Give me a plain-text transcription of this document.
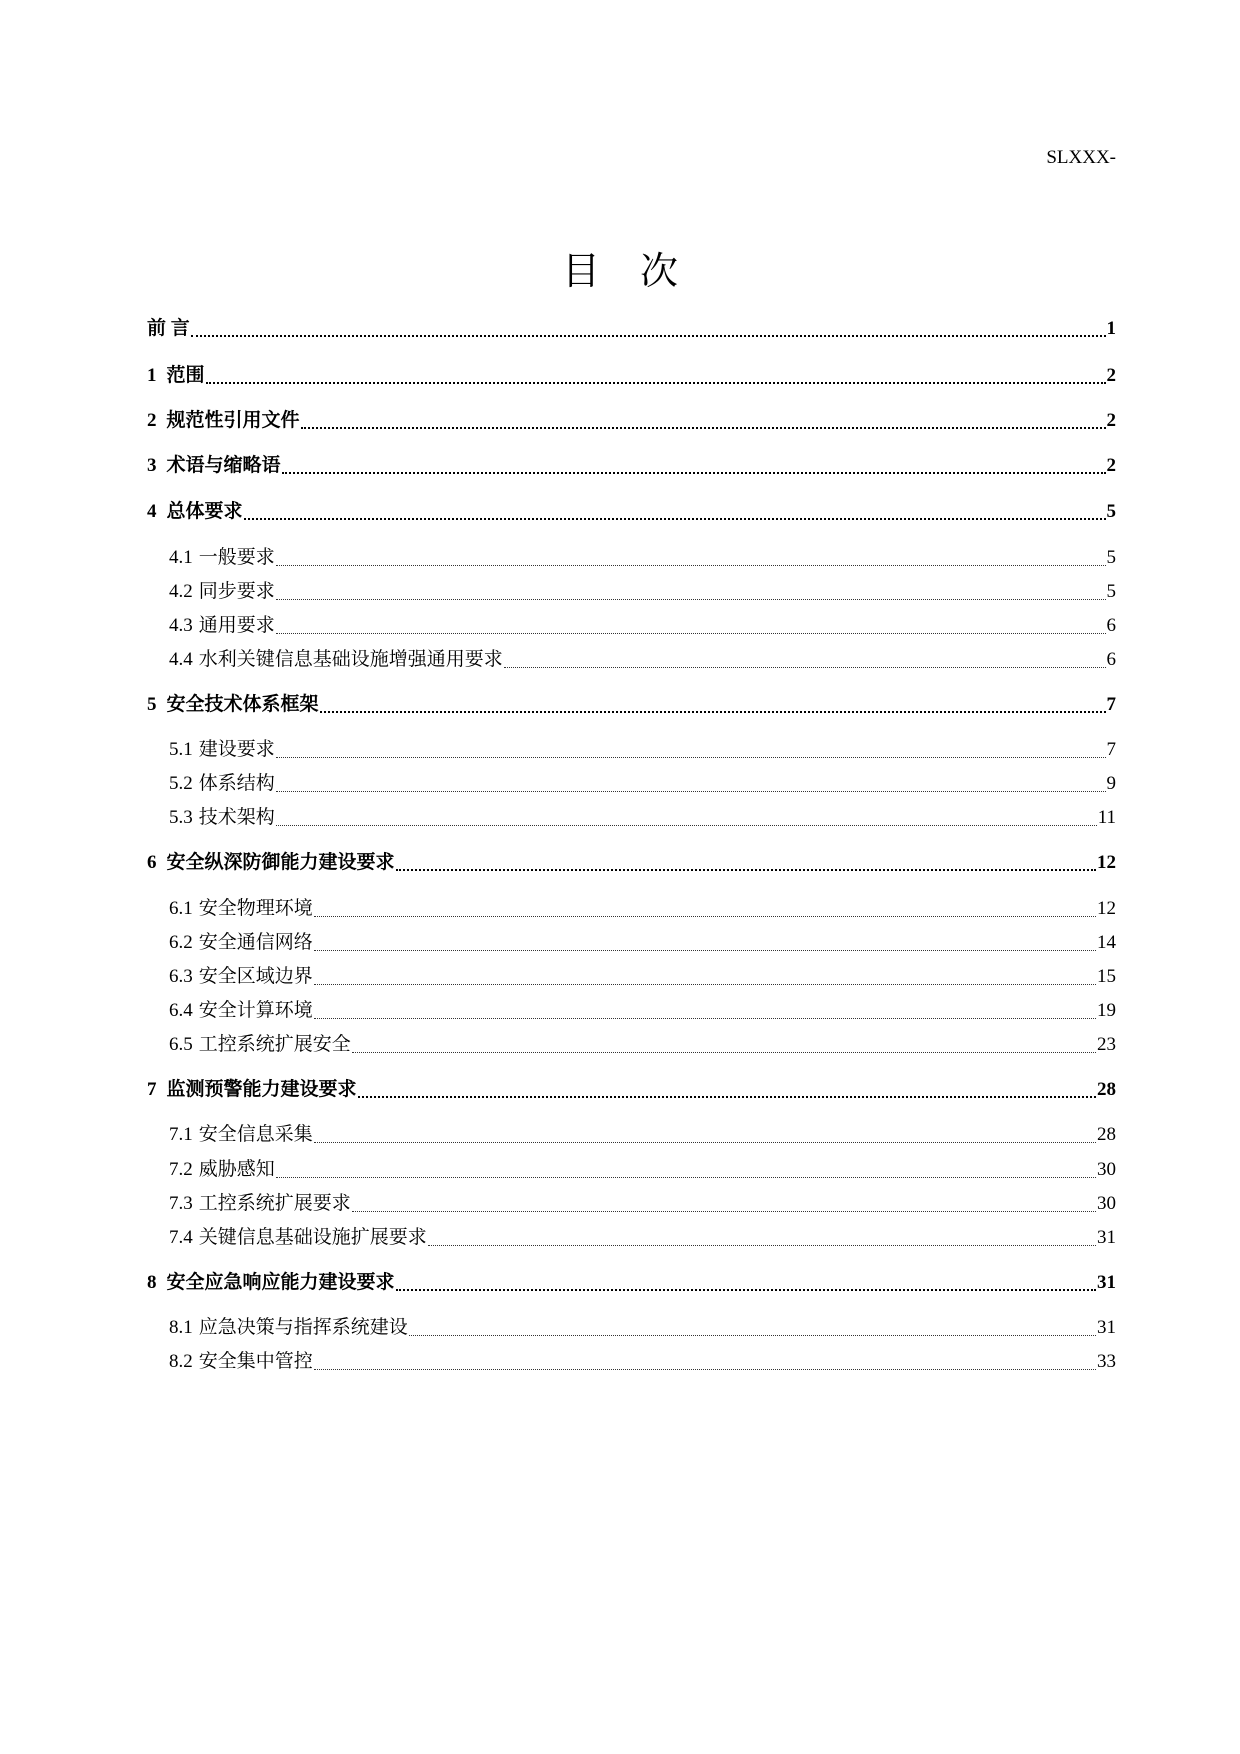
SLXXX-
目 次
前 言	1
1 范围	2
2 规范性引用文件	2
3 术语与缩略语	2
4 总体要求	5
4.1 一般要求	5
4.2 同步要求	5
4.3 通用要求	6
4.4 水利关键信息基础设施增强通用要求	6
5 安全技术体系框架	7
5.1 建设要求	7
5.2 体系结构	9
5.3 技术架构	11
6 安全纵深防御能力建设要求	12
6.1 安全物理环境	12
6.2 安全通信网络	14
6.3 安全区域边界	15
6.4 安全计算环境	19
6.5 工控系统扩展安全	23
7 监测预警能力建设要求	28
7.1 安全信息采集	28
7.2 威胁感知	30
7.3 工控系统扩展要求	30
7.4 关键信息基础设施扩展要求	31
8 安全应急响应能力建设要求	31
8.1 应急决策与指挥系统建设	31
8.2 安全集中管控	33
